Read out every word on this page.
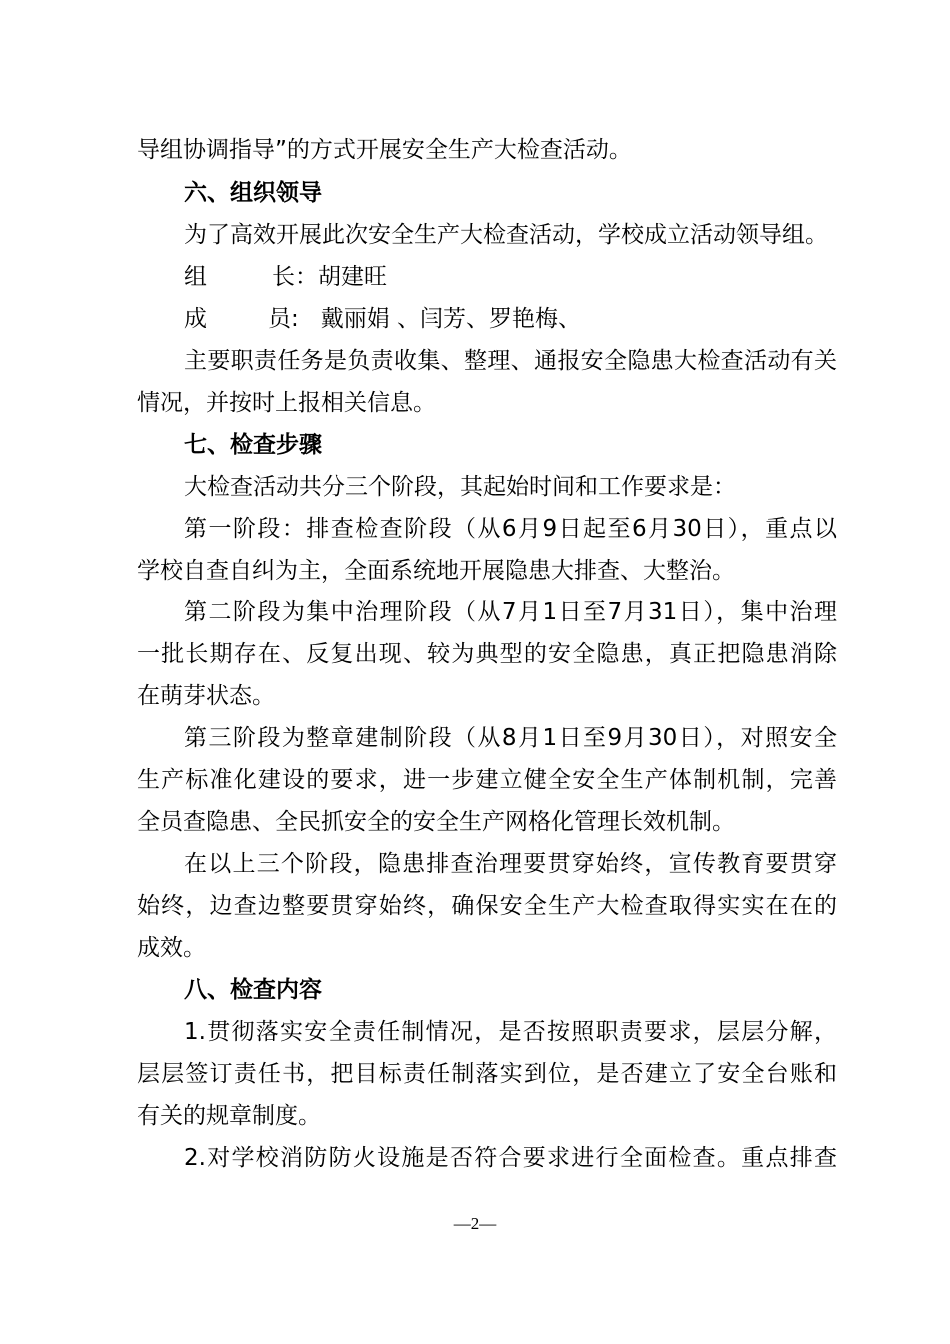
导组协调指导”的方式开展安全生产大检查活动。
六、组织领导
为了高效开展此次安全生产大检查活动，学校成立活动领导组。
组	长：胡建旺
成	员: 戴丽娟 、闫芳、罗艳梅、
主要职责任务是负责收集、整理、通报安全隐患大检查活动有关
情况，并按时上报相关信息。
七、检查步骤
大检查活动共分三个阶段，其起始时间和工作要求是：
第一阶段：排查检查阶段（从6月9日起至6月30日），重点以
学校自查自纠为主，全面系统地开展隐患大排查、大整治。
第二阶段为集中治理阶段（从7月1日至7月31日），集中治理
一批长期存在、反复出现、较为典型的安全隐患，真正把隐患消除
在萌芽状态。
第三阶段为整章建制阶段（从8月1日至9月30日），对照安全
生产标准化建设的要求，进一步建立健全安全生产体制机制，完善
全员查隐患、全民抓安全的安全生产网格化管理长效机制。
在以上三个阶段，隐患排查治理要贯穿始终，宣传教育要贯穿
始终，边查边整要贯穿始终，确保安全生产大检查取得实实在在的
成效。
八、检查内容
1.贯彻落实安全责任制情况，是否按照职责要求，层层分解，
层层签订责任书，把目标责任制落实到位，是否建立了安全台账和
有关的规章制度。
2.对学校消防防火设施是否符合要求进行全面检查。重点排查
—2—
